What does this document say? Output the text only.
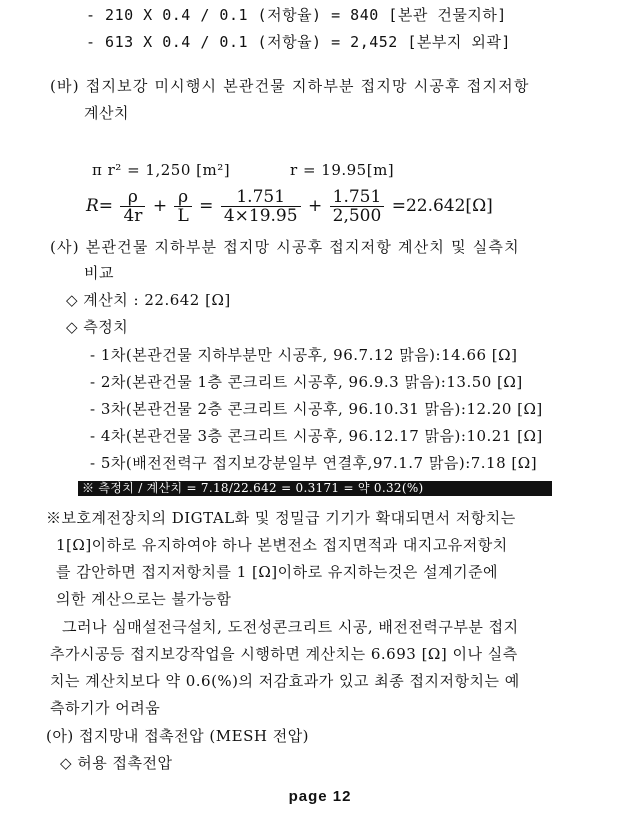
- 210 X 0.4 / 0.1 (저항율) = 840 [본관 건물지하]
- 613 X 0.4 / 0.1 (저항율) = 2,452 [본부지 외곽]
(바) 접지보강 미시행시 본관건물 지하부분 접지망 시공후 접지저항
계산치
π r² = 1,250 [m²]	r = 19.95[m]
$R= \frac{\rho}{4r} + \frac{\rho}{L} = \frac{1.751}{4\times 19.95} + \frac{1.751}{2,500} =22.642[\Omega]$
(사) 본관건물 지하부분 접지망 시공후 접지저항 계산치 및 실측치
비교
◇ 계산치 : 22.642 [Ω]
◇ 측정치
- 1차(본관건물 지하부분만 시공후, 96.7.12 맑음):14.66 [Ω]
- 2차(본관건물 1층 콘크리트 시공후, 96.9.3 맑음):13.50 [Ω]
- 3차(본관건물 2층 콘크리트 시공후, 96.10.31 맑음):12.20 [Ω]
- 4차(본관건물 3층 콘크리트 시공후, 96.12.17 맑음):10.21 [Ω]
- 5차(배전전력구 접지보강분일부 연결후,97.1.7 맑음):7.18 [Ω]
※ 측정치 / 계산치 = 7.18/22.642 = 0.3171 = 약 0.32(%)
※보호계전장치의 DIGTAL화 및 정밀급 기기가 확대되면서 저항치는
1[Ω]이하로 유지하여야 하나 본변전소 접지면적과 대지고유저항치
를 감안하면 접지저항치를 1 [Ω]이하로 유지하는것은 설계기준에
의한 계산으로는 불가능함
그러나 심매설전극설치, 도전성콘크리트 시공, 배전전력구부분 접지
추가시공등 접지보강작업을 시행하면 계산치는 6.693 [Ω] 이나 실측
치는 계산치보다 약 0.6(%)의 저감효과가 있고 최종 접지저항치는 예
측하기가 어려움
(아) 접지망내 접촉전압 (MESH 전압)
◇ 허용 접촉전압
page 12
